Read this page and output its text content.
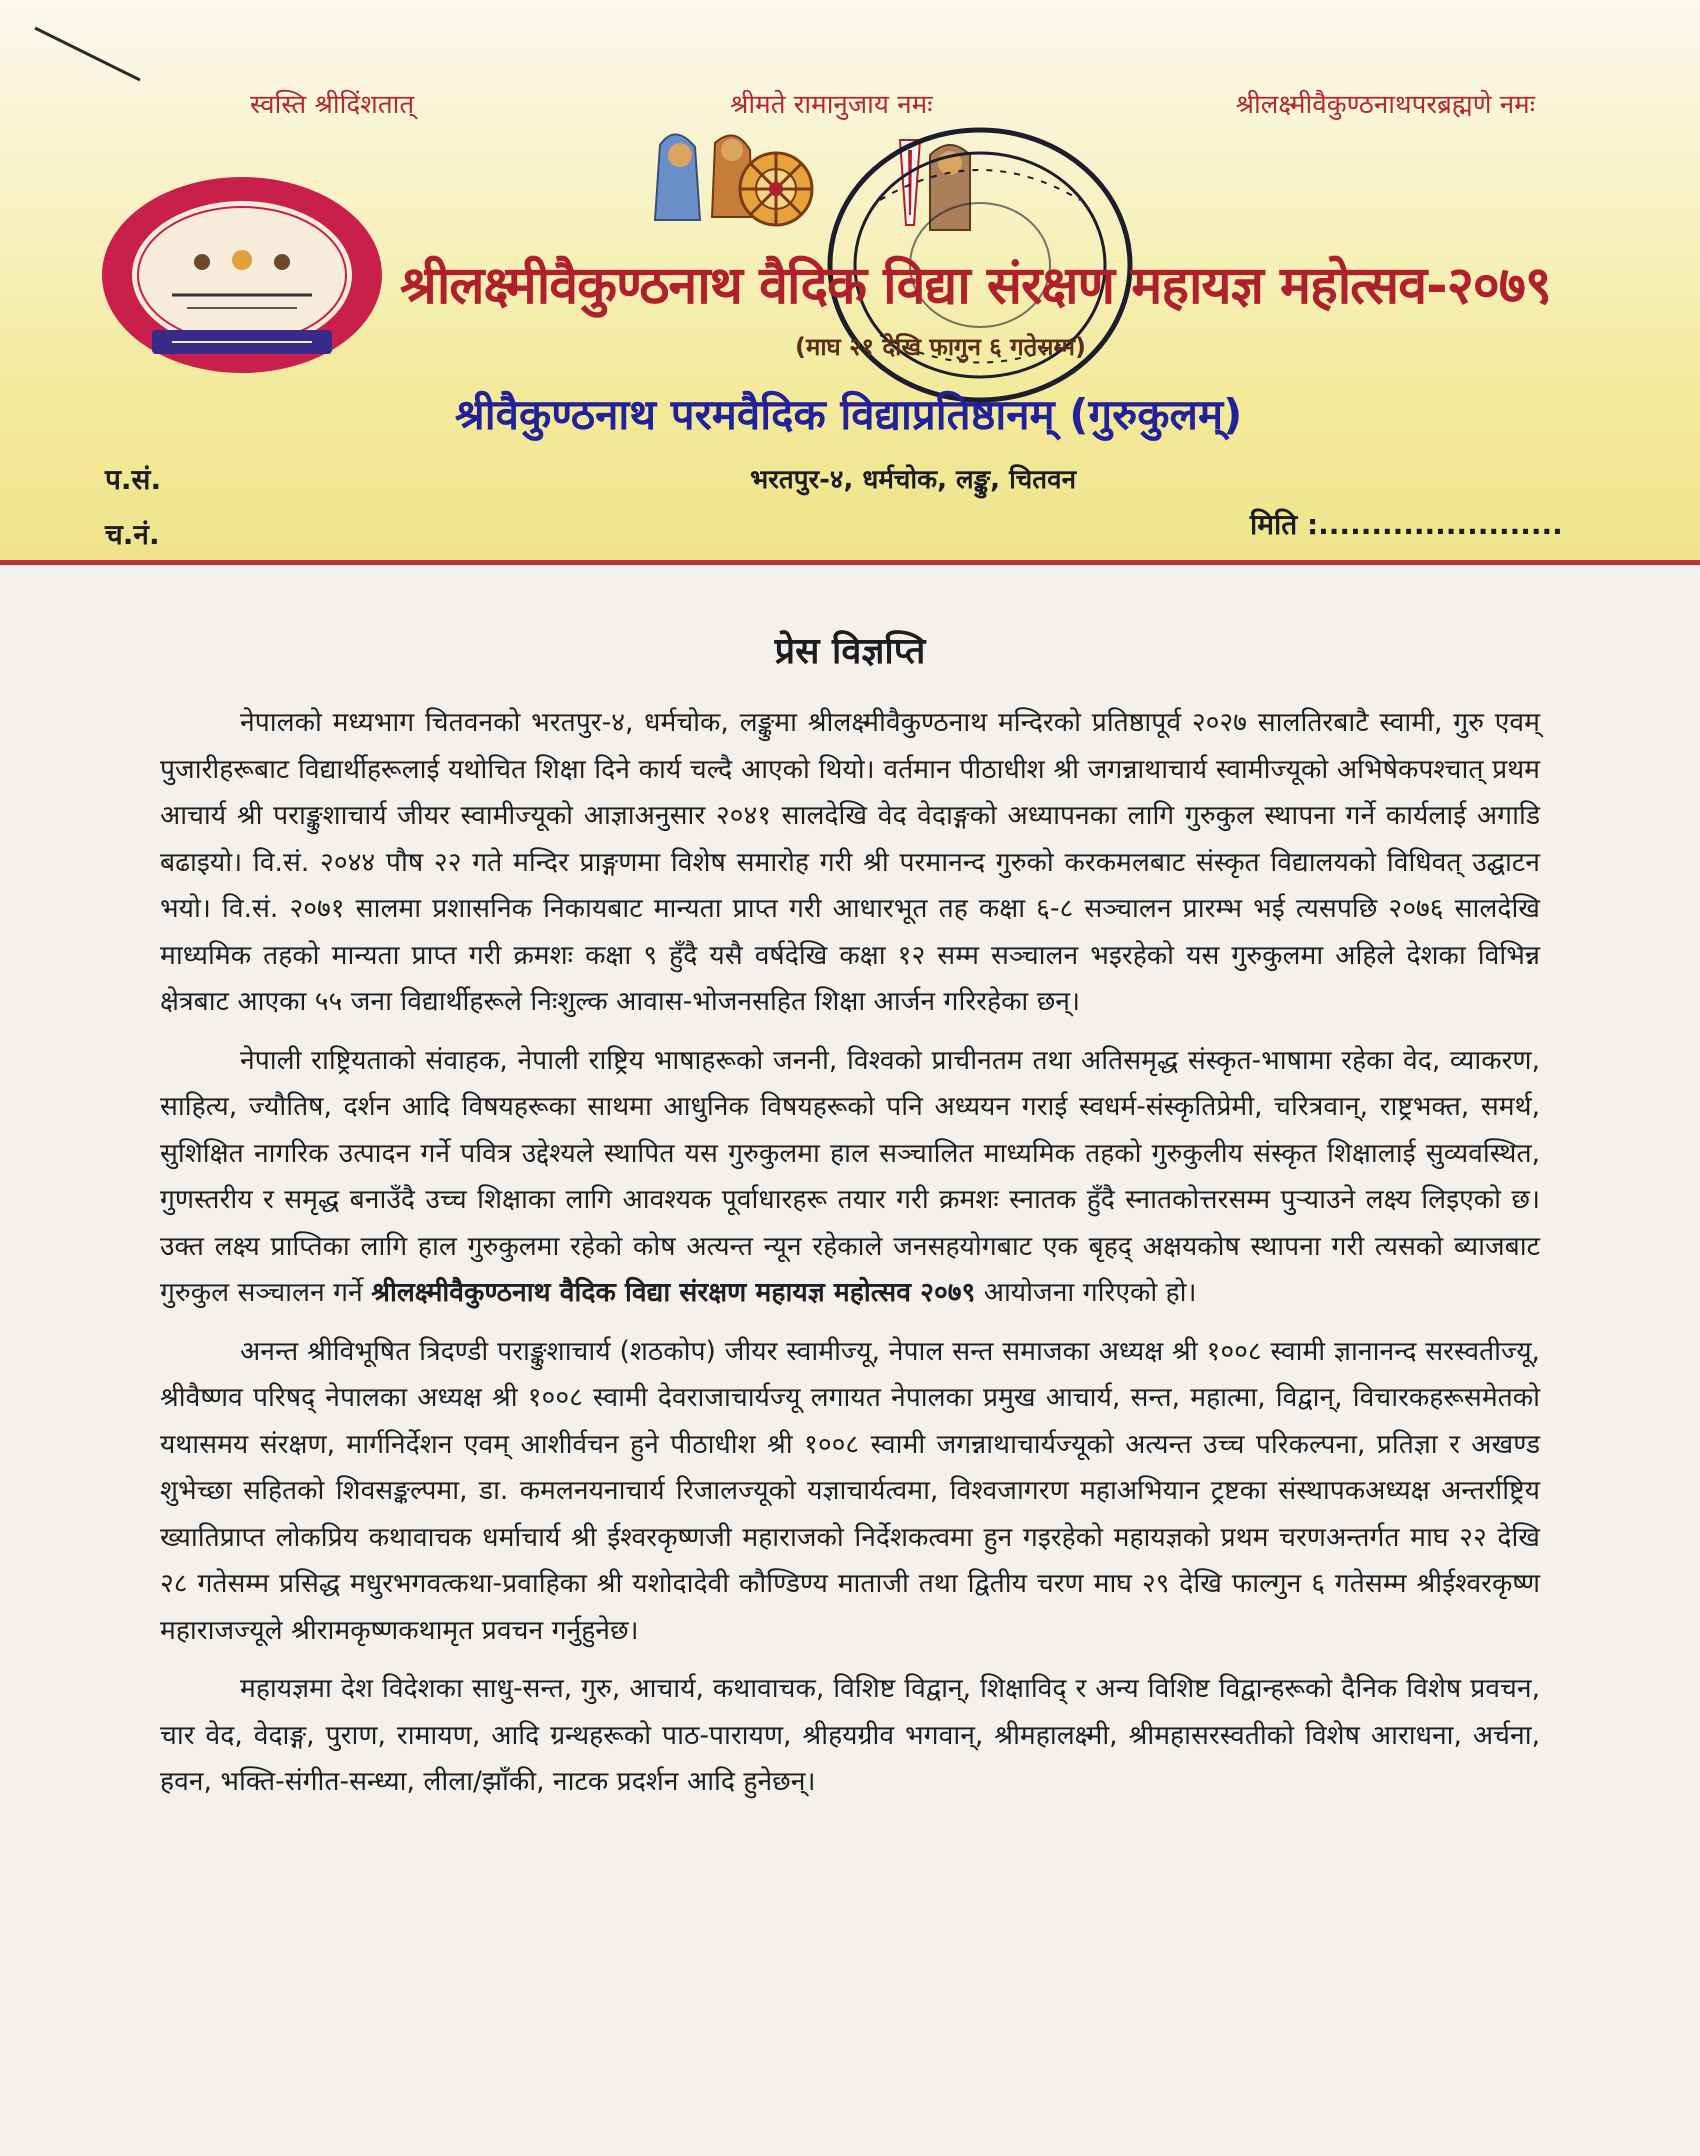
स्वस्ति श्रीदिंशतात्	श्रीमते रामानुजाय नमः	श्रीलक्ष्मीवैकुण्ठनाथपरब्रह्मणे नमः
श्रीलक्ष्मीवैकुण्ठनाथ वैदिक विद्या संरक्षण महायज्ञ महोत्सव-२०७९
(माघ २१ देखि फागुन ६ गतेसम्म)
श्रीवैकुण्ठनाथ परमवैदिक विद्याप्रतिष्ठानम् (गुरुकुलम्)
भरतपुर-४, धर्मचोक, लङ्कु, चितवन
प.सं.
च.नं.	मिति :.......................
प्रेस विज्ञप्ति

नेपालको मध्यभाग चितवनको भरतपुर-४, धर्मचोक, लङ्कुमा श्रीलक्ष्मीवैकुण्ठनाथ मन्दिरको प्रतिष्ठापूर्व २०२७ सालतिरबाटै स्वामी, गुरु एवम् पुजारीहरूबाट विद्यार्थीहरूलाई यथोचित शिक्षा दिने कार्य चल्दै आएको थियो। वर्तमान पीठाधीश श्री जगन्नाथाचार्य स्वामीज्यूको अभिषेकपश्चात् प्रथम आचार्य श्री पराङ्कुशाचार्य जीयर स्वामीज्यूको आज्ञाअनुसार २०४१ सालदेखि वेद वेदाङ्गको अध्यापनका लागि गुरुकुल स्थापना गर्ने कार्यलाई अगाडि बढाइयो। वि.सं. २०४४ पौष २२ गते मन्दिर प्राङ्गणमा विशेष समारोह गरी श्री परमानन्द गुरुको करकमलबाट संस्कृत विद्यालयको विधिवत् उद्घाटन भयो। वि.सं. २०७१ सालमा प्रशासनिक निकायबाट मान्यता प्राप्त गरी आधारभूत तह कक्षा ६-८ सञ्चालन प्रारम्भ भई त्यसपछि २०७६ सालदेखि माध्यमिक तहको मान्यता प्राप्त गरी क्रमशः कक्षा ९ हुँदै यसै वर्षदेखि कक्षा १२ सम्म सञ्चालन भइरहेको यस गुरुकुलमा अहिले देशका विभिन्न क्षेत्रबाट आएका ५५ जना विद्यार्थीहरूले निःशुल्क आवास-भोजनसहित शिक्षा आर्जन गरिरहेका छन्।

नेपाली राष्ट्रियताको संवाहक, नेपाली राष्ट्रिय भाषाहरूको जननी, विश्वको प्राचीनतम तथा अतिसमृद्ध संस्कृत-भाषामा रहेका वेद, व्याकरण, साहित्य, ज्यौतिष, दर्शन आदि विषयहरूका साथमा आधुनिक विषयहरूको पनि अध्ययन गराई स्वधर्म-संस्कृतिप्रेमी, चरित्रवान्, राष्ट्रभक्त, समर्थ, सुशिक्षित नागरिक उत्पादन गर्ने पवित्र उद्देश्यले स्थापित यस गुरुकुलमा हाल सञ्चालित माध्यमिक तहको गुरुकुलीय संस्कृत शिक्षालाई सुव्यवस्थित, गुणस्तरीय र समृद्ध बनाउँदै उच्च शिक्षाका लागि आवश्यक पूर्वाधारहरू तयार गरी क्रमशः स्नातक हुँदै स्नातकोत्तरसम्म पुऱ्याउने लक्ष्य लिइएको छ। उक्त लक्ष्य प्राप्तिका लागि हाल गुरुकुलमा रहेको कोष अत्यन्त न्यून रहेकाले जनसहयोगबाट एक बृहद् अक्षयकोष स्थापना गरी त्यसको ब्याजबाट गुरुकुल सञ्चालन गर्ने श्रीलक्ष्मीवैकुण्ठनाथ वैदिक विद्या संरक्षण महायज्ञ महोत्सव २०७९ आयोजना गरिएको हो।

अनन्त श्रीविभूषित त्रिदण्डी पराङ्कुशाचार्य (शठकोप) जीयर स्वामीज्यू, नेपाल सन्त समाजका अध्यक्ष श्री १००८ स्वामी ज्ञानानन्द सरस्वतीज्यू, श्रीवैष्णव परिषद् नेपालका अध्यक्ष श्री १००८ स्वामी देवराजाचार्यज्यू लगायत नेपालका प्रमुख आचार्य, सन्त, महात्मा, विद्वान्, विचारकहरूसमेतको यथासमय संरक्षण, मार्गनिर्देशन एवम् आशीर्वचन हुने पीठाधीश श्री १००८ स्वामी जगन्नाथाचार्यज्यूको अत्यन्त उच्च परिकल्पना, प्रतिज्ञा र अखण्ड शुभेच्छा सहितको शिवसङ्कल्पमा, डा. कमलनयनाचार्य रिजालज्यूको यज्ञाचार्यत्वमा, विश्वजागरण महाअभियान ट्रष्टका संस्थापकअध्यक्ष अन्तर्राष्ट्रिय ख्यातिप्राप्त लोकप्रिय कथावाचक धर्माचार्य श्री ईश्वरकृष्णजी महाराजको निर्देशकत्वमा हुन गइरहेको महायज्ञको प्रथम चरणअन्तर्गत माघ २२ देखि २८ गतेसम्म प्रसिद्ध मधुरभगवत्कथा-प्रवाहिका श्री यशोदादेवी कौण्डिण्य माताजी तथा द्वितीय चरण माघ २९ देखि फाल्गुन ६ गतेसम्म श्रीईश्वरकृष्ण महाराजज्यूले श्रीरामकृष्णकथामृत प्रवचन गर्नुहुनेछ।

महायज्ञमा देश विदेशका साधु-सन्त, गुरु, आचार्य, कथावाचक, विशिष्ट विद्वान्, शिक्षाविद् र अन्य विशिष्ट विद्वान्हरूको दैनिक विशेष प्रवचन, चार वेद, वेदाङ्ग, पुराण, रामायण, आदि ग्रन्थहरूको पाठ-पारायण, श्रीहयग्रीव भगवान्, श्रीमहालक्ष्मी, श्रीमहासरस्वतीको विशेष आराधना, अर्चना, हवन, भक्ति-संगीत-सन्ध्या, लीला/झाँकी, नाटक प्रदर्शन आदि हुनेछन्।
